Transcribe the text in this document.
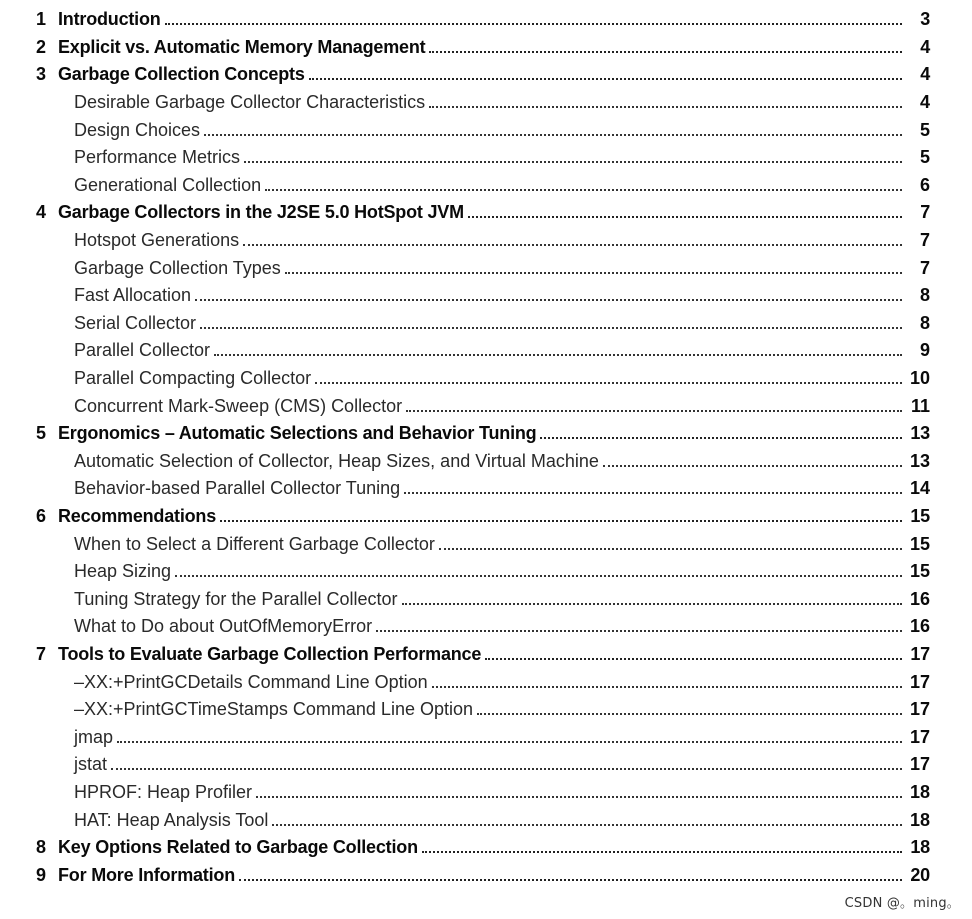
1 Introduction	3
2 Explicit vs. Automatic Memory Management	4
3 Garbage Collection Concepts	4
Desirable Garbage Collector Characteristics	4
Design Choices	5
Performance Metrics	5
Generational Collection	6
4 Garbage Collectors in the J2SE 5.0 HotSpot JVM	7
Hotspot Generations	7
Garbage Collection Types	7
Fast Allocation	8
Serial Collector	8
Parallel Collector	9
Parallel Compacting Collector	10
Concurrent Mark-Sweep (CMS) Collector	11
5 Ergonomics – Automatic Selections and Behavior Tuning	13
Automatic Selection of Collector, Heap Sizes, and Virtual Machine	13
Behavior-based Parallel Collector Tuning	14
6 Recommendations	15
When to Select a Different Garbage Collector	15
Heap Sizing	15
Tuning Strategy for the Parallel Collector	16
What to Do about OutOfMemoryError	16
7 Tools to Evaluate Garbage Collection Performance	17
–XX:+PrintGCDetails Command Line Option	17
–XX:+PrintGCTimeStamps Command Line Option	17
jmap	17
jstat	17
HPROF: Heap Profiler	18
HAT: Heap Analysis Tool	18
8 Key Options Related to Garbage Collection	18
9 For More Information	20
CSDN @。ming。
